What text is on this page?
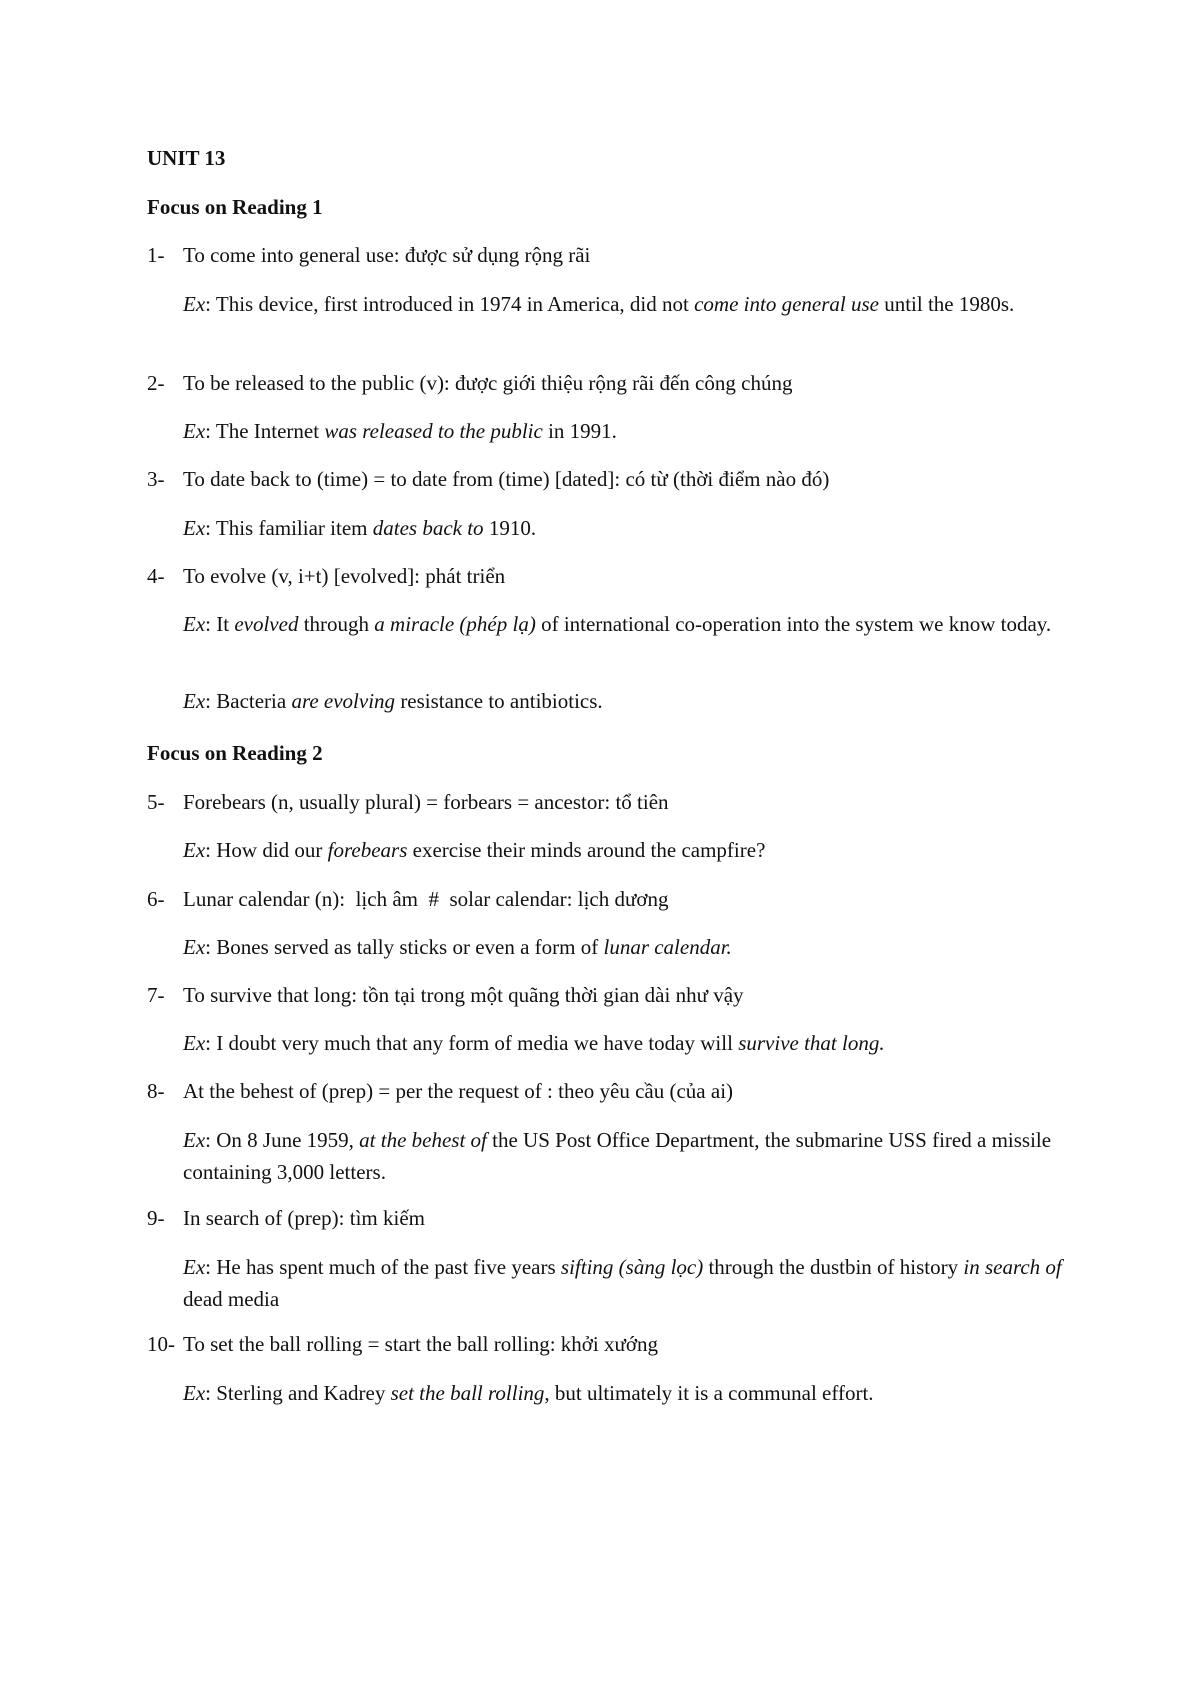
UNIT 13
Focus on Reading 1
1- To come into general use: được sử dụng rộng rãi
Ex: This device, first introduced in 1974 in America, did not come into general use until the 1980s.
2- To be released to the public (v): được giới thiệu rộng rãi đến công chúng
Ex: The Internet was released to the public in 1991.
3- To date back to (time) = to date from (time) [dated]: có từ (thời điểm nào đó)
Ex: This familiar item dates back to 1910.
4- To evolve (v, i+t) [evolved]: phát triển
Ex: It evolved through a miracle (phép lạ) of international co-operation into the system we know today.
Ex: Bacteria are evolving resistance to antibiotics.
Focus on Reading 2
5- Forebears (n, usually plural) = forbears = ancestor: tổ tiên
Ex: How did our forebears exercise their minds around the campfire?
6- Lunar calendar (n):  lịch âm  #  solar calendar: lịch dương
Ex: Bones served as tally sticks or even a form of lunar calendar.
7- To survive that long: tồn tại trong một quãng thời gian dài như vậy
Ex: I doubt very much that any form of media we have today will survive that long.
8- At the behest of (prep) = per the request of : theo yêu cầu (của ai)
Ex: On 8 June 1959, at the behest of the US Post Office Department, the submarine USS fired a missile containing 3,000 letters.
9- In search of (prep): tìm kiếm
Ex: He has spent much of the past five years sifting (sàng lọc) through the dustbin of history in search of dead media
10- To set the ball rolling = start the ball rolling: khởi xướng
Ex: Sterling and Kadrey set the ball rolling, but ultimately it is a communal effort.
